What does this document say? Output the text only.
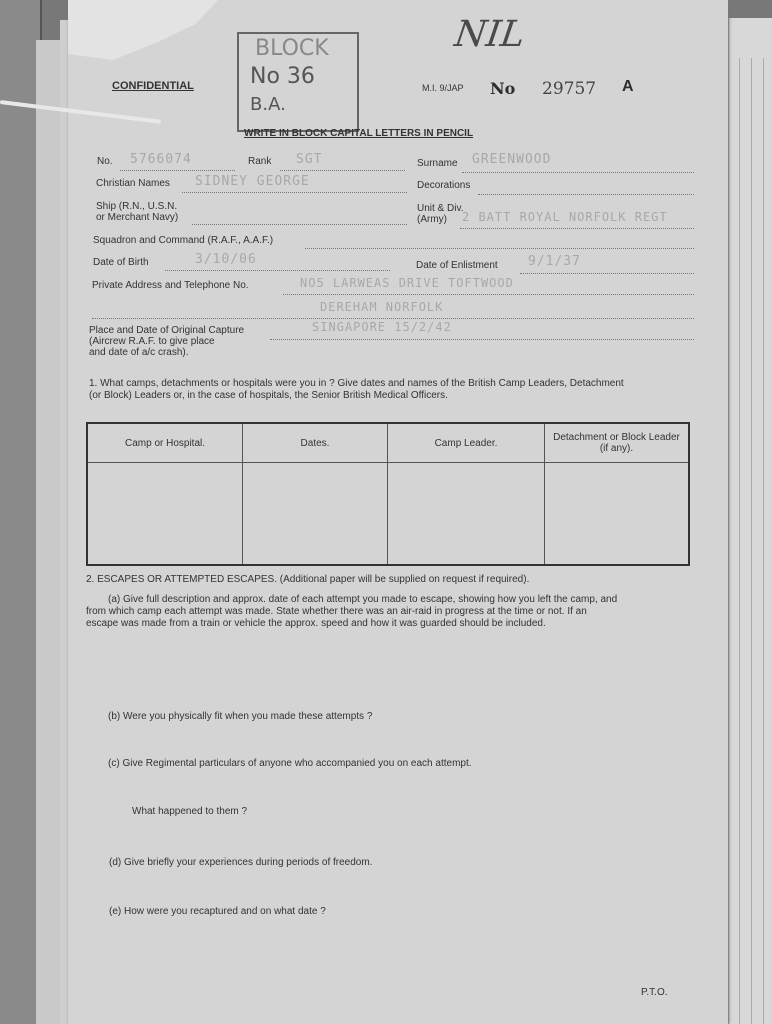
CONFIDENTIAL
BLOCK
No 36
B.A.
NIL
M.I. 9/JAP No 29757 A
WRITE IN BLOCK CAPITAL LETTERS IN PENCIL
No. 5766074	Rank SGT	Surname GREENWOOD
Christian Names SIDNEY GEORGE	Decorations
Ship (R.N., U.S.N.
or Merchant Navy)
Unit & Div.
(Army) 2 BATT ROYAL NORFOLK REGT
Squadron and Command (R.A.F., A.A.F.)
Date of Birth	3/10/06	Date of Enlistment 9/1/37
Private Address and Telephone No.	NO5 LARWEAS DRIVE TOFTWOOD
DEREHAM NORFOLK
Place and Date of Original Capture
(Aircrew R.A.F. to give place
and date of a/c crash).
SINGAPORE 15/2/42
1. What camps, detachments or hospitals were you in ? Give dates and names of the British Camp Leaders, Detachment
(or Block) Leaders or, in the case of hospitals, the Senior British Medical Officers.
Camp or Hospital.	Dates.	Camp Leader.	Detachment or Block Leader (if any).

2. ESCAPES OR ATTEMPTED ESCAPES. (Additional paper will be supplied on request if required).
(a) Give full description and approx. date of each attempt you made to escape, showing how you left the camp, and
from which camp each attempt was made. State whether there was an air-raid in progress at the time or not. If an
escape was made from a train or vehicle the approx. speed and how it was guarded should be included.
(b) Were you physically fit when you made these attempts ?
(c) Give Regimental particulars of anyone who accompanied you on each attempt.
What happened to them ?
(d) Give briefly your experiences during periods of freedom.
(e) How were you recaptured and on what date ?
P.T.O.
